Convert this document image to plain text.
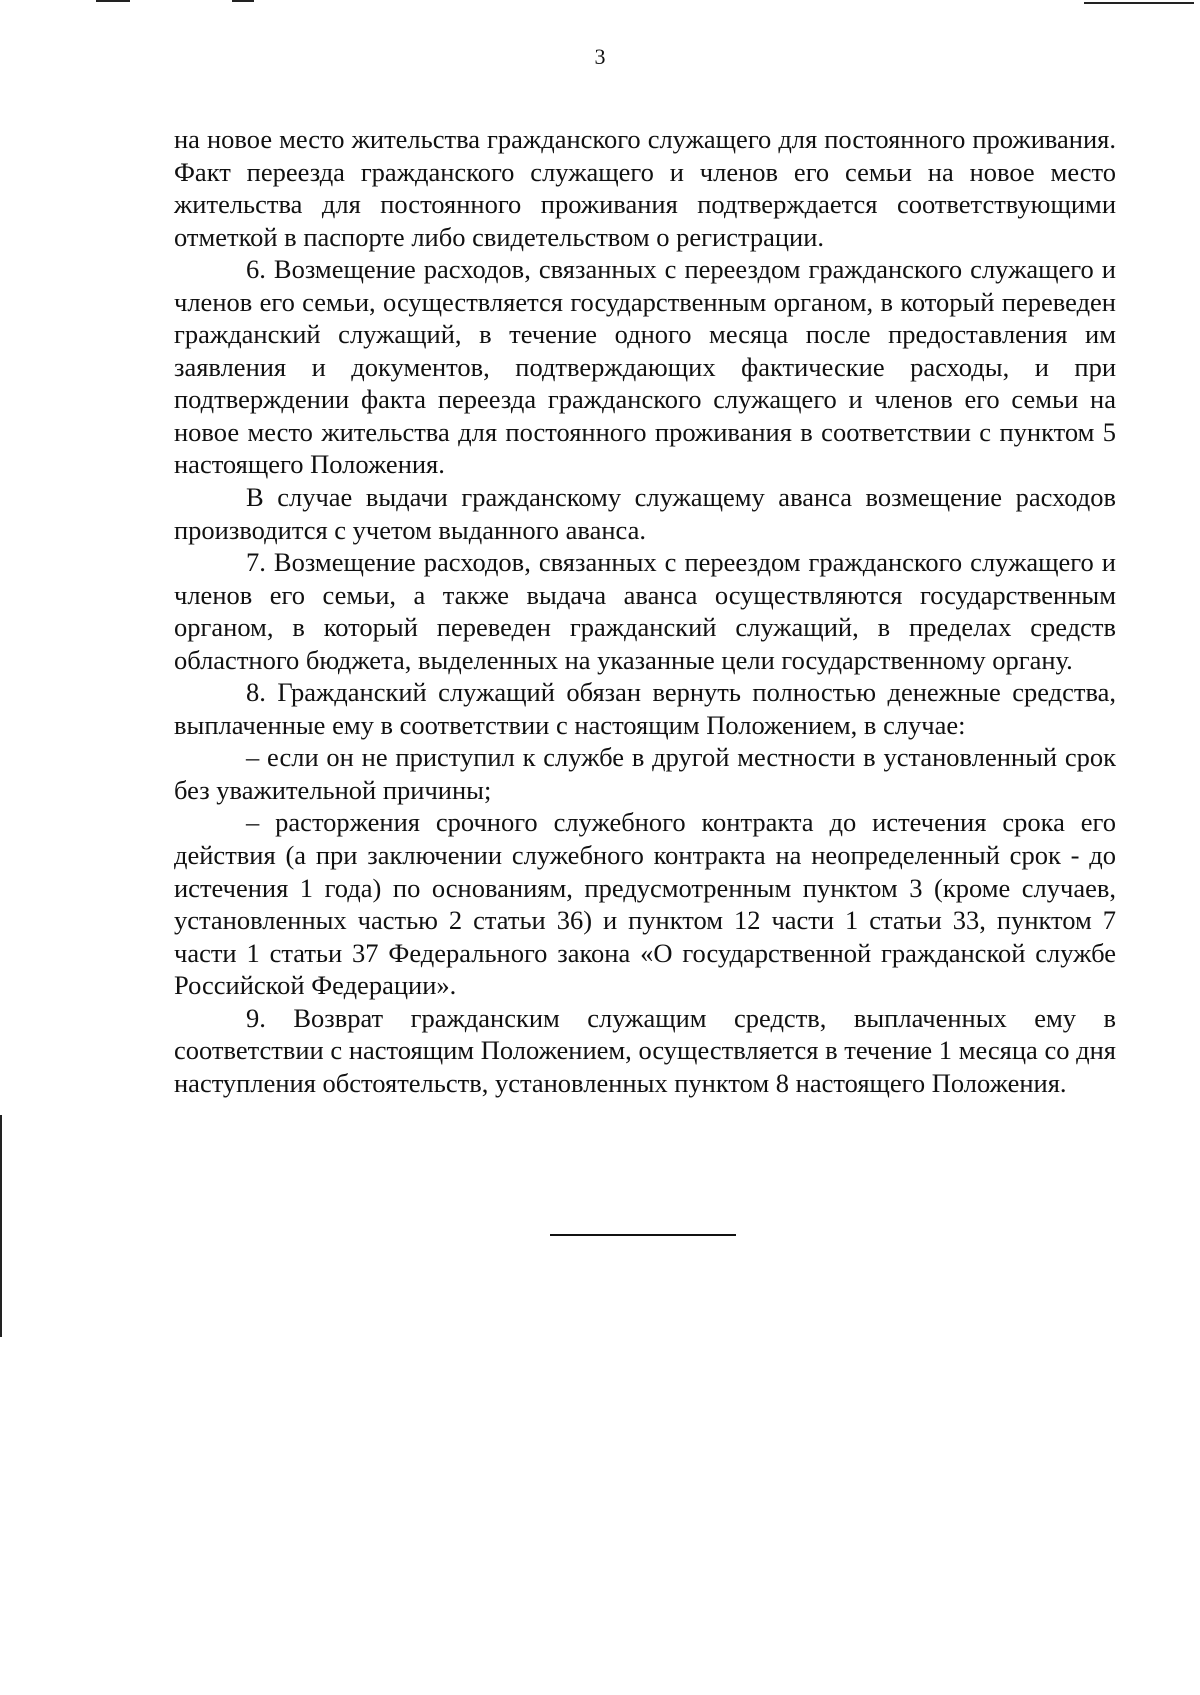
3

на новое место жительства гражданского служащего для постоянного проживания. Факт переезда гражданского служащего и членов его семьи на новое место жительства для постоянного проживания подтверждается соответствующими отметкой в паспорте либо свидетельством о регистрации.

6. Возмещение расходов, связанных с переездом гражданского служащего и членов его семьи, осуществляется государственным органом, в который переведен гражданский служащий, в течение одного месяца после предоставления им заявления и документов, подтверждающих фактические расходы, и при подтверждении факта переезда гражданского служащего и членов его семьи на новое место жительства для постоянного проживания в соответствии с пунктом 5 настоящего Положения.

В случае выдачи гражданскому служащему аванса возмещение расходов производится с учетом выданного аванса.

7. Возмещение расходов, связанных с переездом гражданского служащего и членов его семьи, а также выдача аванса осуществляются государственным органом, в который переведен гражданский служащий, в пределах средств областного бюджета, выделенных на указанные цели государственному органу.

8. Гражданский служащий обязан вернуть полностью денежные средства, выплаченные ему в соответствии с настоящим Положением, в случае:

– если он не приступил к службе в другой местности в установленный срок без уважительной причины;

– расторжения срочного служебного контракта до истечения срока его действия (а при заключении служебного контракта на неопределенный срок - до истечения 1 года) по основаниям, предусмотренным пунктом 3 (кроме случаев, установленных частью 2 статьи 36) и пунктом 12 части 1 статьи 33, пунктом 7 части 1 статьи 37 Федерального закона «О государственной гражданской службе Российской Федерации».

9. Возврат гражданским служащим средств, выплаченных ему в соответствии с настоящим Положением, осуществляется в течение 1 месяца со дня наступления обстоятельств, установленных пунктом 8 настоящего Положения.
